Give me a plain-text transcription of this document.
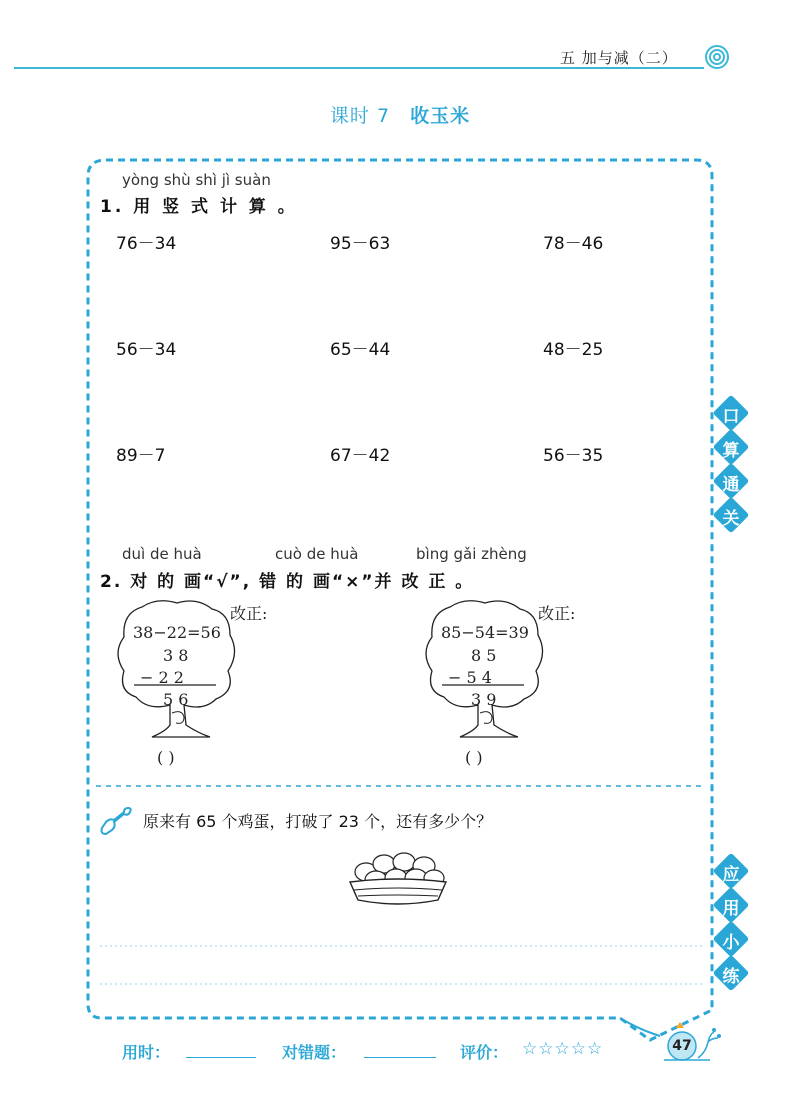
五 加与减（二）
课时 7 收玉米
yòng shù shì jì suàn
1. 用 竖 式 计 算 。
76－34	95－63	78－46
56－34	65－44	48－25
89－7	67－42	56－35
duì de huà	cuò de huà	bìng gǎi zhèng
2. 对 的 画“√”, 错 的 画“×”并 改 正 。
38−22=56
3 8
− 2 2
5 6
( )
改正:
85−54=39
8 5
− 5 4
3 9
( )
改正:
原来有 65 个鸡蛋，打破了 23 个，还有多少个？
口
算
通
关
应
用
小
练
用时：	对错题：	评价： ☆☆☆☆☆	47
